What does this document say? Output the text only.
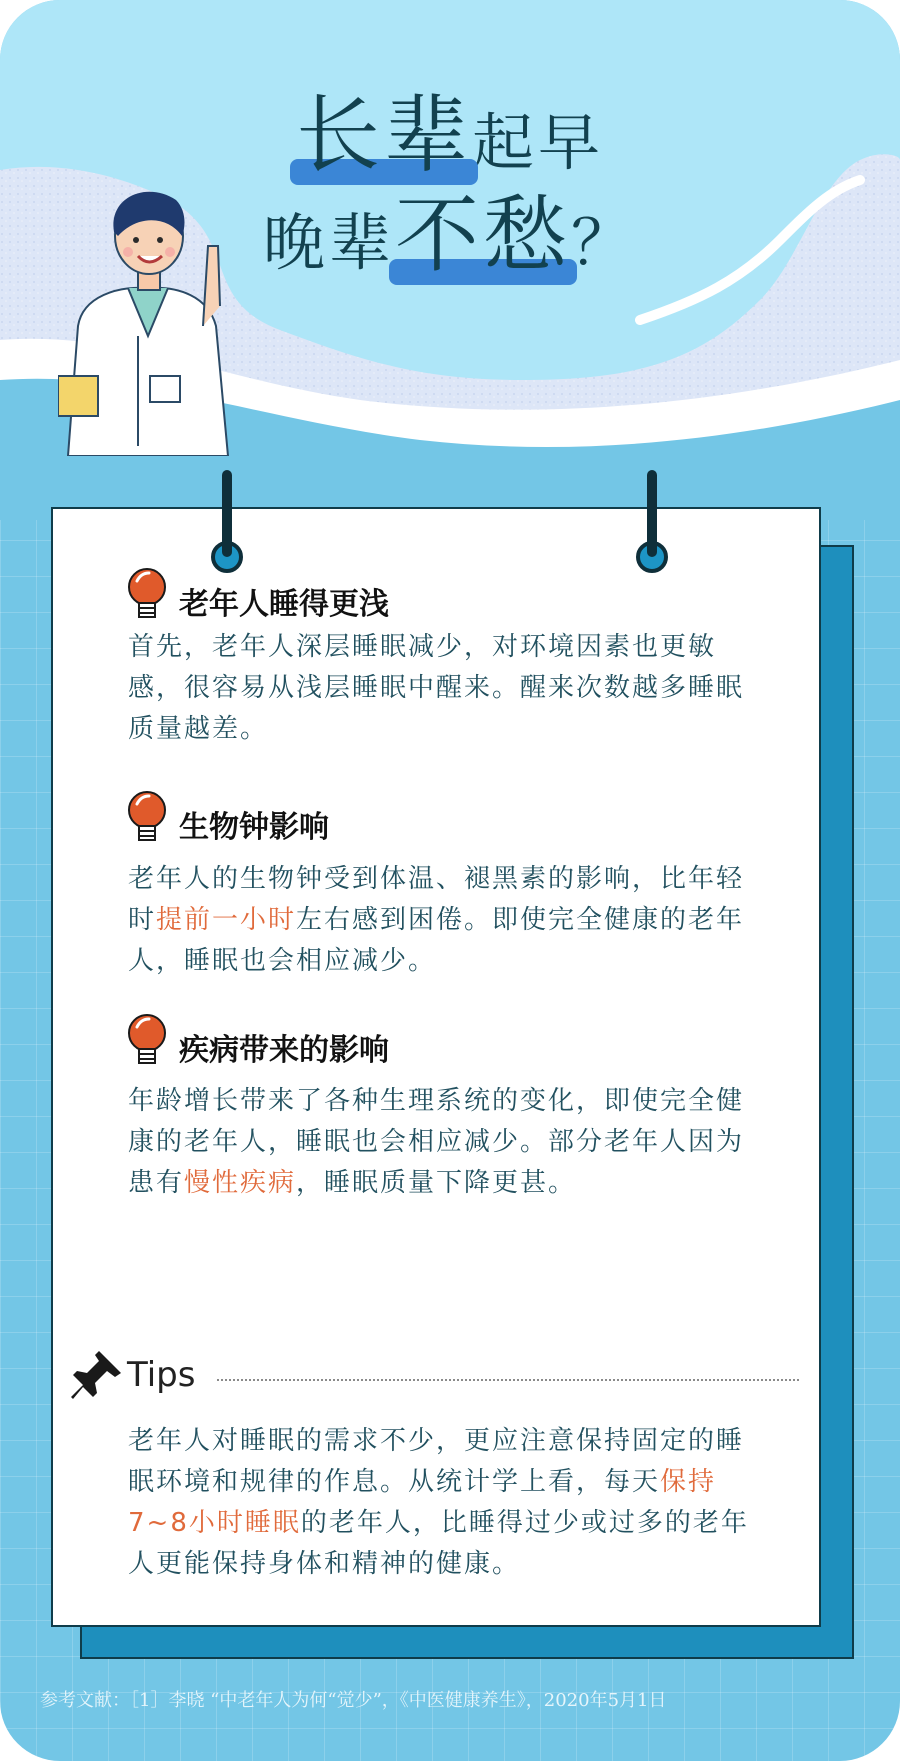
长辈起早
晚辈不愁？
老年人睡得更浅
首先，老年人深层睡眠减少，对环境因素也更敏感，很容易从浅层睡眠中醒来。醒来次数越多睡眠质量越差。
生物钟影响
老年人的生物钟受到体温、褪黑素的影响，比年轻时提前一小时左右感到困倦。即使完全健康的老年人，睡眠也会相应减少。
疾病带来的影响
年龄增长带来了各种生理系统的变化，即使完全健康的老年人，睡眠也会相应减少。部分老年人因为患有慢性疾病，睡眠质量下降更甚。
Tips
老年人对睡眠的需求不少，更应注意保持固定的睡眠环境和规律的作息。从统计学上看，每天保持7~8小时睡眠的老年人，比睡得过少或过多的老年人更能保持身体和精神的健康。
参考文献：［1］李晓 “中老年人为何“觉少”，《中医健康养生》，2020年5月1日
